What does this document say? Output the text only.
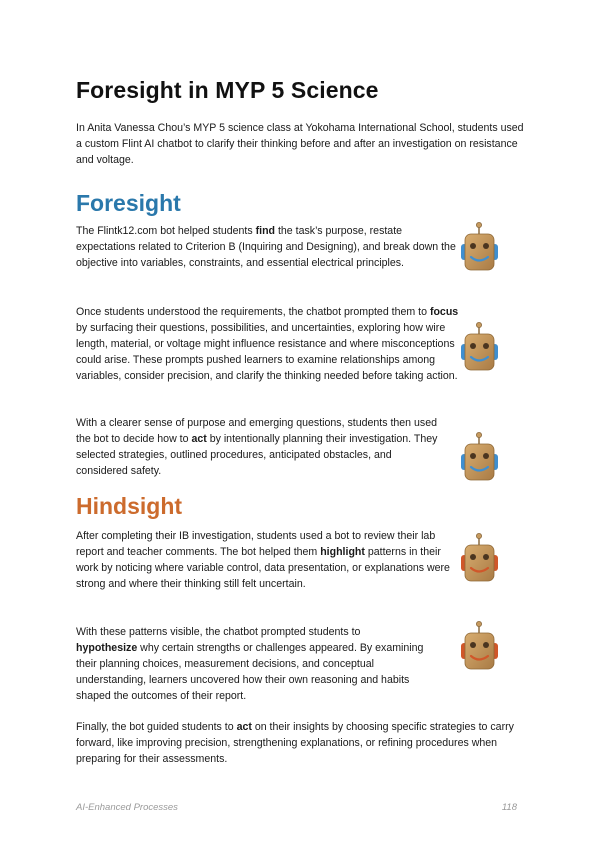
Foresight in MYP 5 Science

In Anita Vanessa Chou’s MYP 5 science class at Yokohama International School, students used a custom Flint AI chatbot to clarify their thinking before and after an investigation on resistance and voltage.

Foresight

The Flintk12.com bot helped students find the task’s purpose, restate expectations related to Criterion B (Inquiring and Designing), and break down the objective into variables, constraints, and essential electrical principles.

Once students understood the requirements, the chatbot prompted them to focus by surfacing their questions, possibilities, and uncertainties, exploring how wire length, material, or voltage might influence resistance and where misconceptions could arise. These prompts pushed learners to examine relationships among variables, consider precision, and clarify the thinking needed before taking action.

With a clearer sense of purpose and emerging questions, students then used the bot to decide how to act by intentionally planning their investigation. They selected strategies, outlined procedures, anticipated obstacles, and considered safety.

Hindsight

After completing their IB investigation, students used a bot to review their lab report and teacher comments. The bot helped them highlight patterns in their work by noticing where variable control, data presentation, or explanations were strong and where their thinking still felt uncertain.

With these patterns visible, the chatbot prompted students to hypothesize why certain strengths or challenges appeared. By examining their planning choices, measurement decisions, and conceptual understanding, learners uncovered how their own reasoning and habits shaped the outcomes of their report.

Finally, the bot guided students to act on their insights by choosing specific strategies to carry forward, like improving precision, strengthening explanations, or refining procedures when preparing for their assessments.

AI-Enhanced Processes	118
